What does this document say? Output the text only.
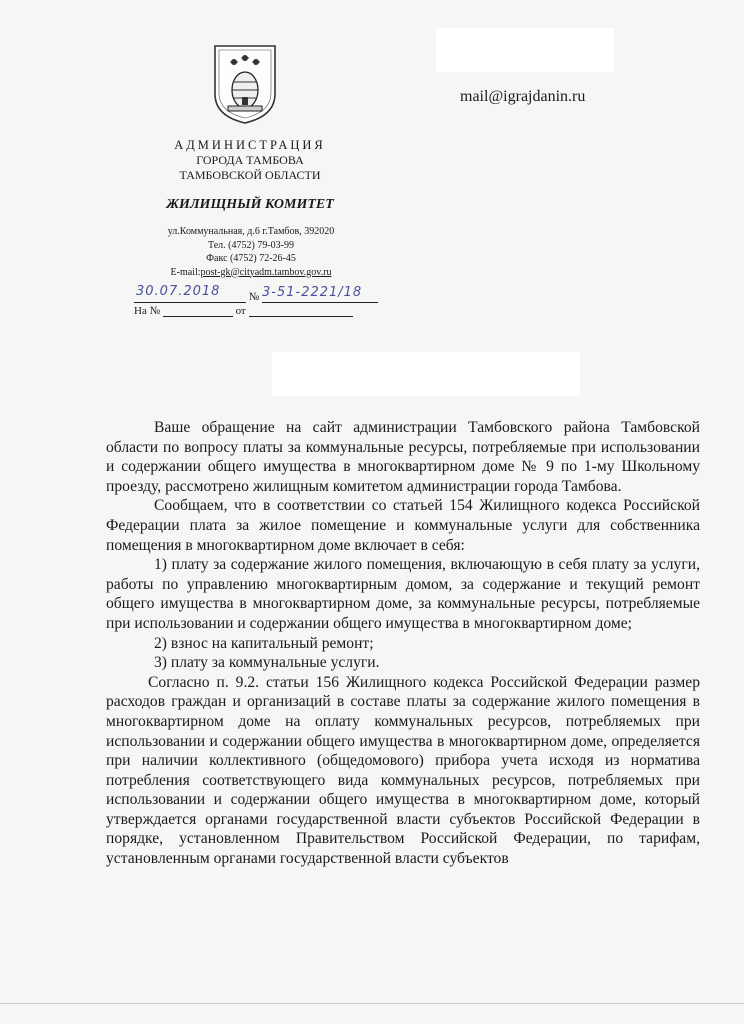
mail@igrajdanin.ru
АДМИНИСТРАЦИЯ
ГОРОДА ТАМБОВА
ТАМБОВСКОЙ ОБЛАСТИ
ЖИЛИЩНЫЙ КОМИТЕТ
ул.Коммунальная, д.6 г.Тамбов, 392020
Тел. (4752) 79-03-99
Факс (4752) 72-26-45
E-mail:post-gk@cityadm.tambov.gov.ru
№
30.07.2018	3-51-2221/18
На №	от

Ваше обращение на сайт администрации Тамбовского района Тамбовской области по вопросу платы за коммунальные ресурсы, потребляемые при использовании и содержании общего имущества в многоквартирном доме № 9 по 1-му Школьному проезду, рассмотрено жилищным комитетом администрации города Тамбова.

Сообщаем, что в соответствии со статьей 154 Жилищного кодекса Российской Федерации плата за жилое помещение и коммунальные услуги для собственника помещения в многоквартирном доме включает в себя:

1) плату за содержание жилого помещения, включающую в себя плату за услуги, работы по управлению многоквартирным домом, за содержание и текущий ремонт общего имущества в многоквартирном доме, за коммунальные ресурсы, потребляемые при использовании и содержании общего имущества в многоквартирном доме;

2) взнос на капитальный ремонт;

3) плату за коммунальные услуги.

Согласно п. 9.2. статьи 156 Жилищного кодекса Российской Федерации размер расходов граждан и организаций в составе платы за содержание жилого помещения в многоквартирном доме на оплату коммунальных ресурсов, потребляемых при использовании и содержании общего имущества в многоквартирном доме, определяется при наличии коллективного (общедомового) прибора учета исходя из норматива потребления соответствующего вида коммунальных ресурсов, потребляемых при использовании и содержании общего имущества в многоквартирном доме, который утверждается органами государственной власти субъектов Российской Федерации в порядке, установленном Правительством Российской Федерации, по тарифам, установленным органами государственной власти субъектов
